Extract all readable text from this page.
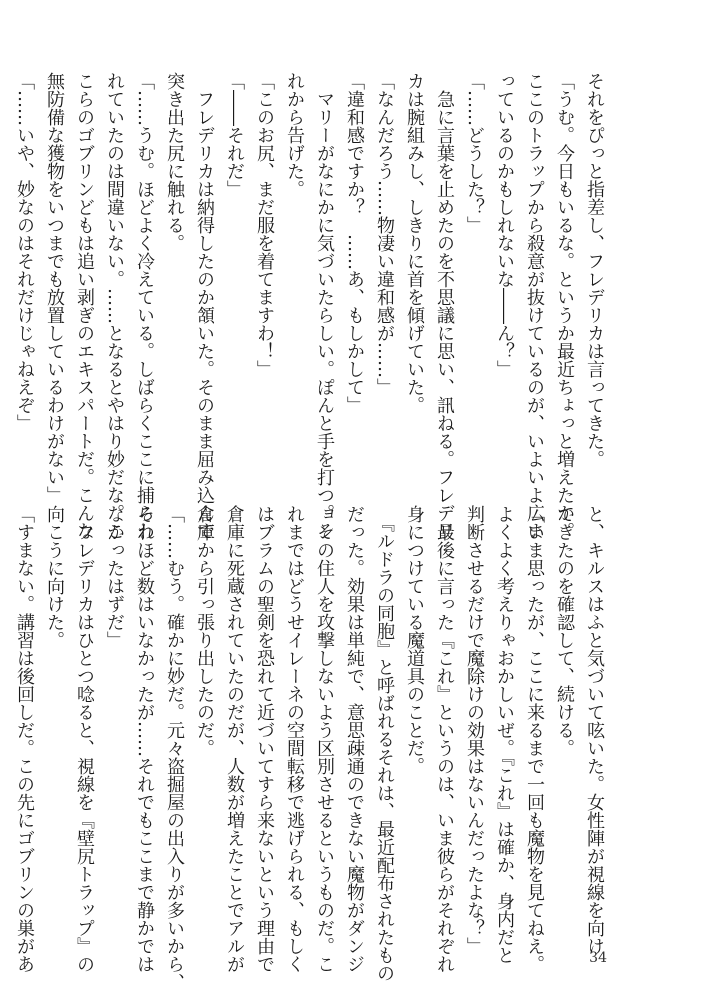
それをぴっと指差し、フレデリカは言ってきた。
「うむ。今日もいるな。というか最近ちょっと増えたか。
ここのトラップから殺意が抜けているのが、いよいよ広ま
っているのかもしれないな――ん？」
「……どうした？」
　急に言葉を止めたのを不思議に思い、訊ねる。フレデリ
カは腕組みし、しきりに首を傾げていた。
「なんだろう……物凄い違和感が……」
「違和感ですか？　……あ、もしかして」
　マリーがなにかに気づいたらしい。ぽんと手を打つ。そ
れから告げた。
「このお尻、まだ服を着てますわ！」
「――それだ」
　フレデリカは納得したのか頷いた。そのまま屈み込んで
突き出た尻に触れる。
「……うむ。ほどよく冷えている。しばらくここに捕らわ
れていたのは間違いない。……となるとやはり妙だな。こ
こらのゴブリンどもは追い剥ぎのエキスパートだ。こんな
無防備な獲物をいつまでも放置しているわけがない」
「……いや、妙なのはそれだけじゃねえぞ」
と、キルスはふと気づいて呟いた。女性陣が視線を向け
てきたのを確認して、続ける。
「いま思ったが、ここに来るまで一回も魔物を見てねえ。
よくよく考えりゃおかしいぜ。『これ』は確か、身内だと
判断させるだけで魔除けの効果はないんだったよな？」
　最後に言った『これ』というのは、いま彼らがそれぞれ
身につけている魔道具のことだ。
　『ルドラの同胞』と呼ばれるそれは、最近配布されたもの
だった。効果は単純で、意思疎通のできない魔物がダンジ
ョンの住人を攻撃しないよう区別させるというものだ。こ
れまではどうせイレーネの空間転移で逃げられる、もしく
はブラムの聖剣を恐れて近づいてすら来ないという理由で
倉庫に死蔵されていたのだが、人数が増えたことでアルが
倉庫から引っ張り出したのだ。
「……むう。確かに妙だ。元々盗掘屋の出入りが多いから、
それほど数はいなかったが……それでもここまで静かでは
なかったはずだ」
　フレデリカはひとつ唸ると、視線を『壁尻トラップ』の
向こうに向けた。
「すまない。講習は後回しだ。この先にゴブリンの巣があ	34
